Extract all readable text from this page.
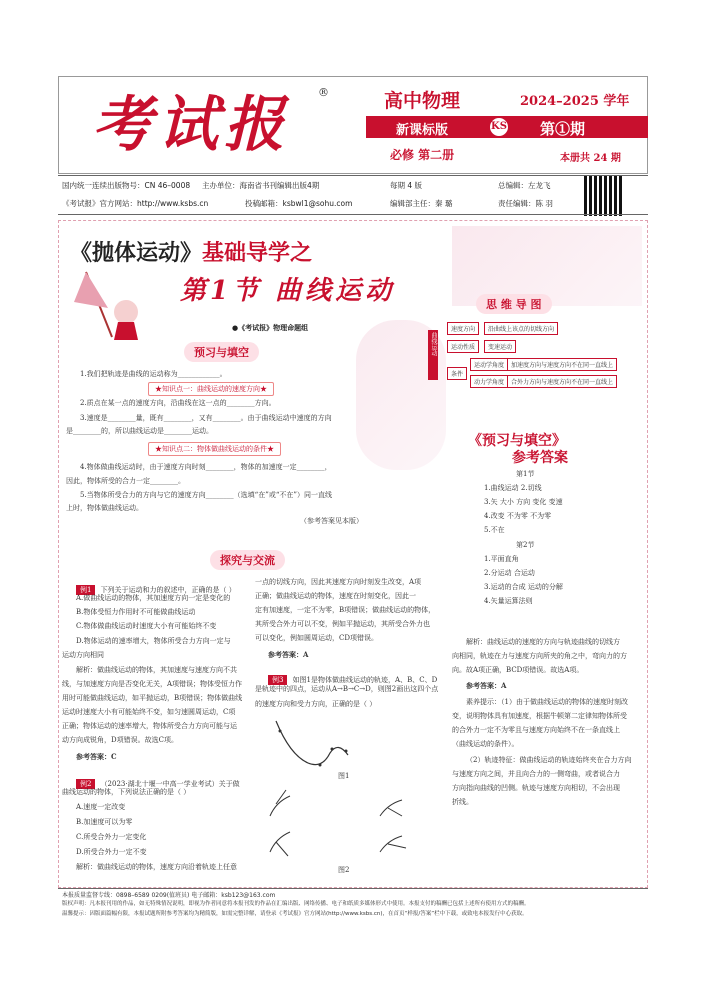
考试报	®	高中物理	2024–2025 学年
新课标版	KS 第①期
必修 第二册	本册共 24 期
国内统一连续出版物号：CN 46–0008 主办单位：海南省书刊编辑出版4期	每期 4 版	总编辑：左龙飞
《考试报》官方网站：http://www.ksbs.cn	投稿邮箱：ksbwl1@sohu.com	编辑部主任：秦 璐	责任编辑：陈 羽
《抛体运动》基础导学之
第1节 曲线运动
●《考试报》物理命题组
预习与填空
1.我们把轨迹是曲线的运动称为____________。
★知识点一：曲线运动的速度方向★
2.质点在某一点的速度方向，沿曲线在这一点的________方向。
3.速度是________量，既有________，又有________。由于曲线运动中速度的方向
是________的，所以曲线运动是________运动。
★知识点二：物体做曲线运动的条件★
4.物体做曲线运动时，由于速度方向时刻________，物体的加速度一定________，
因此，物体所受的合力一定________。
5.当物体所受合力的方向与它的速度方向________（选填“在”或“不在”）同一直线
上时，物体做曲线运动。
（参考答案见本版）
思 维 导 图
曲线运动
速度方向	沿曲线上该点的切线方向
运动性质	变速运动
条件
运动学角度	加速度方向与速度方向不在同一直线上
动力学角度	合外力方向与速度方向不在同一直线上
《预习与填空》
参考答案
第1节
1.曲线运动 2.切线
3.矢 大小 方向 变化 变速
4.改变 不为零 不为零
5.不在
第2节
1.平面直角
2.分运动 合运动
3.运动的合成 运动的分解
4.矢量运算法则
探究与交流
例1 下列关于运动和力的叙述中，正确的是（ ）
A.做曲线运动的物体，其加速度方向一定是变化的
B.物体受恒力作用时不可能做曲线运动
C.物体做曲线运动时速度大小有可能始终不变
D.物体运动的速率增大，物体所受合力方向一定与
运动方向相同
解析：做曲线运动的物体，其加速度与速度方向不共
线，与加速度方向是否变化无关，A项错误；物体受恒力作
用时可能做曲线运动，如平抛运动，B项错误；物体做曲线
运动时速度大小有可能始终不变，如匀速圆周运动，C项
正确；物体运动的速率增大，物体所受合力方向可能与运
动方向成锐角，D项错误。故选C项。
参考答案：C
例2 （2023·湖北十堰一中高一学业考试）关于做
曲线运动的物体，下列说法正确的是（ ）
A.速度一定改变
B.加速度可以为零
C.所受合外力一定变化
D.所受合外力一定不变
解析：做曲线运动的物体，速度方向沿着轨迹上任意
一点的切线方向，因此其速度方向时刻发生改变，A项
正确；做曲线运动的物体，速度在时刻变化，因此一
定有加速度，一定不为零，B项错误；做曲线运动的物体，
其所受合外力可以不变，例如平抛运动，其所受合外力也
可以变化，例如圆周运动，CD项错误。
参考答案：A
例3 如图1是物体做曲线运动的轨迹，A、B、C、D
是轨迹中的四点，运动从A→B→C→D，则图2画出这四个点
的速度方向和受力方向，正确的是（ ）
图1
图2
解析：曲线运动的速度的方向与轨迹曲线的切线方
向相同，轨迹在力与速度方向所夹的角之中，弯向力的方
向。故A项正确，BCD项错误。故选A项。
参考答案：A
素养提示：（1）由于做曲线运动的物体的速度时刻改
变，说明物体具有加速度，根据牛顿第二定律知物体所受
的合外力一定不为零且与速度方向始终不在一条直线上
（曲线运动的条件）。
（2）轨迹特征：做曲线运动的轨迹始终夹在合力方向
与速度方向之间，并且向合力的一侧弯曲，或者说合力
方向指向曲线的凹侧。轨迹与速度方向相切，不会出现
折线。
本报质量监督专线：0898–6589 0209(值班员) 电子邮箱：ksb123@163.com
版权声明：凡本报刊用的作品，如无特殊情况说明，即视为作者同意将本报刊发的作品在汇编出版、网络传播、电子和纸质多媒体形式中使用。本报支付的稿酬已包括上述所有使用方式的稿酬。
温馨提示：因版面篇幅有限，本报试题所附参考答案均为精简版，如需完整详解，请登录《考试报》官方网站(http://www.ksbs.cn)，在首页“样报/答案”栏中下载，或致电本报发行中心获取。
